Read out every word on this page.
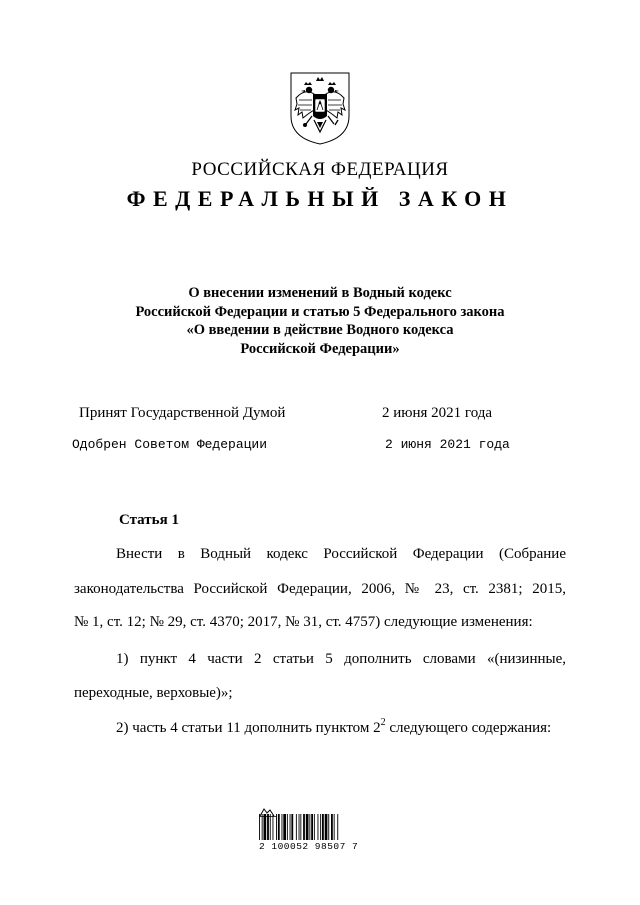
РОССИЙСКАЯ ФЕДЕРАЦИЯ
ФЕДЕРАЛЬНЫЙ ЗАКОН
О внесении изменений в Водный кодекс
Российской Федерации и статью 5 Федерального закона
«О введении в действие Водного кодекса
Российской Федерации»
Принят Государственной Думой	2 июня 2021 года
Одобрен Советом Федерации	2 июня 2021 года
Статья 1
Внести в Водный кодекс Российской Федерации (Собрание
законодательства Российской Федерации, 2006, № 23, ст. 2381; 2015,
№ 1, ст. 12; № 29, ст. 4370; 2017, № 31, ст. 4757) следующие изменения:
1) пункт 4 части 2 статьи 5 дополнить словами «(низинные,
переходные, верховые)»;
2) часть 4 статьи 11 дополнить пунктом $2^2$ следующего содержания:
2 100052 98507 7
